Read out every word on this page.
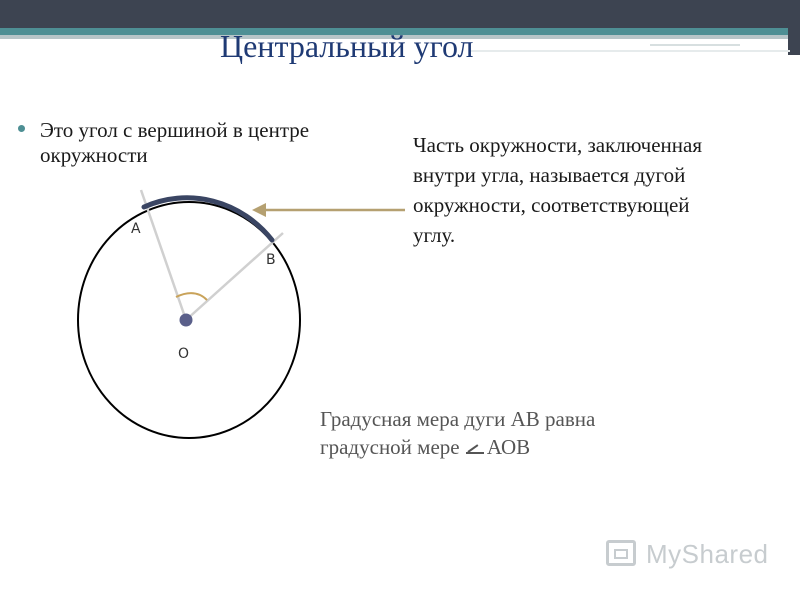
Центральный угол
Это угол с вершиной в центре окружности	Часть окружности, заключенная внутри угла, называется дугой окружности, соответствующей углу.
A
B
O
Градусная мера дуги АВ равна
градусной мере АОВ
MyShared
